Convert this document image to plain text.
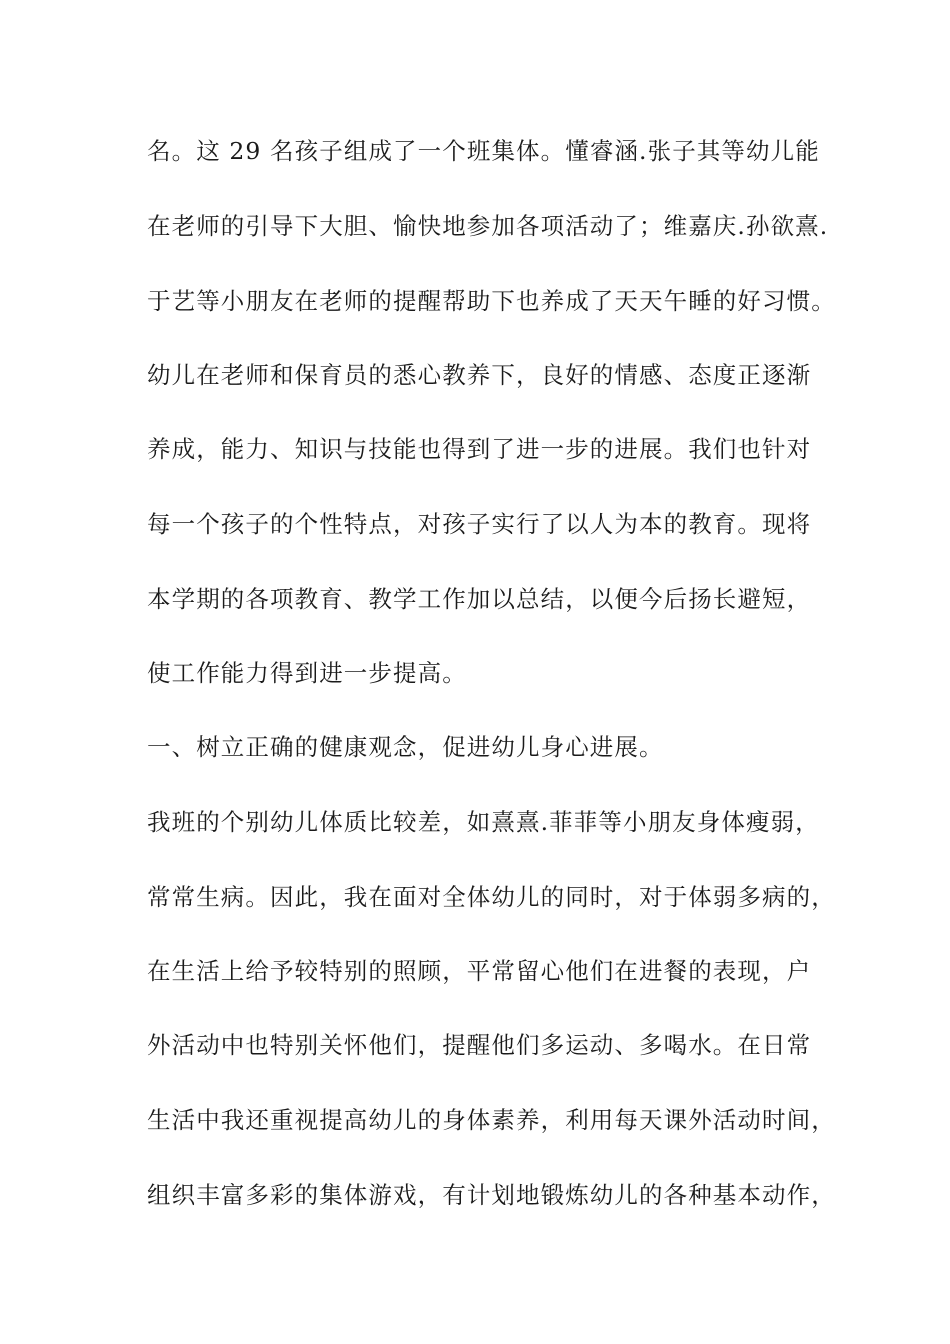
名。这 29 名孩子组成了一个班集体。懂睿涵.张子其等幼儿能
在老师的引导下大胆、愉快地参加各项活动了；维嘉庆.孙欲熹.
于艺等小朋友在老师的提醒帮助下也养成了天天午睡的好习惯。
幼儿在老师和保育员的悉心教养下，良好的情感、态度正逐渐
养成，能力、知识与技能也得到了进一步的进展。我们也针对
每一个孩子的个性特点，对孩子实行了以人为本的教育。现将
本学期的各项教育、教学工作加以总结，以便今后扬长避短，
使工作能力得到进一步提高。
一、树立正确的健康观念，促进幼儿身心进展。
我班的个别幼儿体质比较差，如熹熹.菲菲等小朋友身体瘦弱，
常常生病。因此，我在面对全体幼儿的同时，对于体弱多病的，
在生活上给予较特别的照顾，平常留心他们在进餐的表现，户
外活动中也特别关怀他们，提醒他们多运动、多喝水。在日常
生活中我还重视提高幼儿的身体素养，利用每天课外活动时间，
组织丰富多彩的集体游戏，有计划地锻炼幼儿的各种基本动作，
